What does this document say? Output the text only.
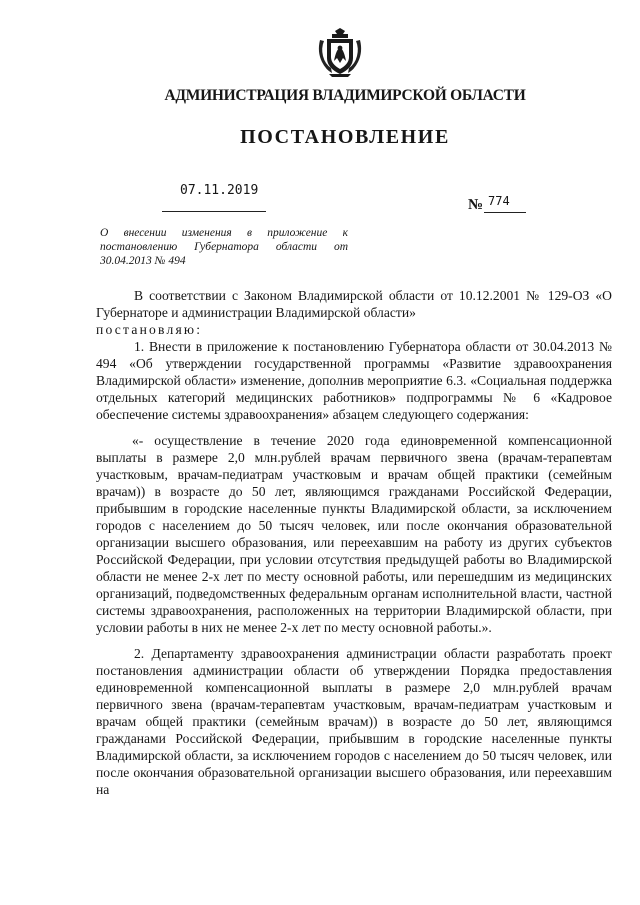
АДМИНИСТРАЦИЯ ВЛАДИМИРСКОЙ ОБЛАСТИ
ПОСТАНОВЛЕНИЕ
07.11.2019
№ 774
О внесении изменения в приложение к постановлению Губернатора области от 30.04.2013 № 494

В соответствии с Законом Владимирской области от 10.12.2001 № 129-ОЗ «О Губернаторе и администрации Владимирской области»

постановляю:

1. Внести в приложение к постановлению Губернатора области от 30.04.2013 № 494 «Об утверждении государственной программы «Развитие здравоохранения Владимирской области» изменение, дополнив мероприятие 6.3. «Социальная поддержка отдельных категорий медицинских работников» подпрограммы № 6 «Кадровое обеспечение системы здравоохранения» абзацем следующего содержания:

«- осуществление в течение 2020 года единовременной компенсационной выплаты в размере 2,0 млн.рублей врачам первичного звена (врачам-терапевтам участковым, врачам-педиатрам участковым и врачам общей практики (семейным врачам)) в возрасте до 50 лет, являющимся гражданами Российской Федерации, прибывшим в городские населенные пункты Владимирской области, за исключением городов с населением до 50 тысяч человек, или после окончания образовательной организации высшего образования, или переехавшим на работу из других субъектов Российской Федерации, при условии отсутствия предыдущей работы во Владимирской области не менее 2-х лет по месту основной работы, или перешедшим из медицинских организаций, подведомственных федеральным органам исполнительной власти, частной системы здравоохранения, расположенных на территории Владимирской области, при условии работы в них не менее 2-х лет по месту основной работы.».

2. Департаменту здравоохранения администрации области разработать проект постановления администрации области об утверждении Порядка предоставления единовременной компенсационной выплаты в размере 2,0 млн.рублей врачам первичного звена (врачам-терапевтам участковым, врачам-педиатрам участковым и врачам общей практики (семейным врачам)) в возрасте до 50 лет, являющимся гражданами Российской Федерации, прибывшим в городские населенные пункты Владимирской области, за исключением городов с населением до 50 тысяч человек, или после окончания образовательной организации высшего образования, или переехавшим на
